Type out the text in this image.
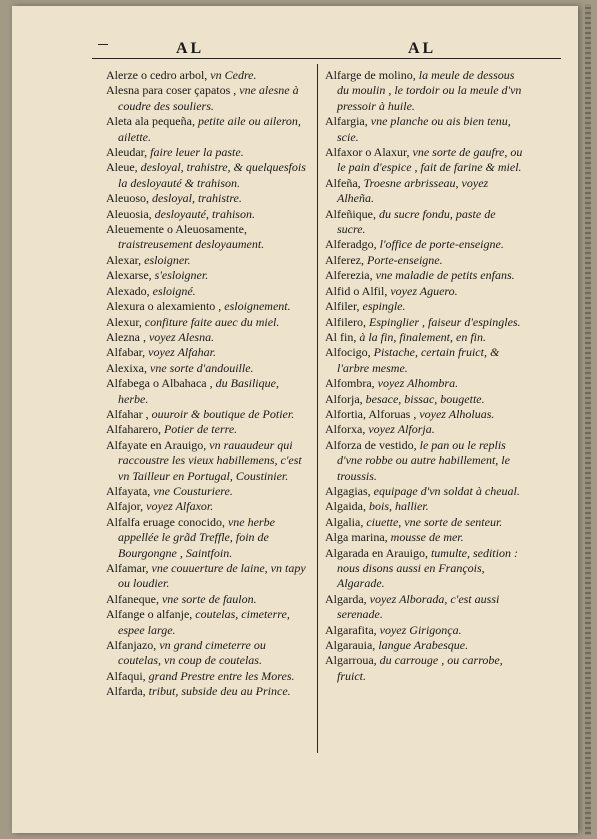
AL	AL

Alerze o cedro arbol, vn Cedre.

Alesna para coser çapatos , vne alesne à coudre des souliers.

Aleta ala pequeña, petite aile ou aileron, ailette.

Aleudar, faire leuer la paste.

Aleue, desloyal, trahistre, & quelquesfois la desloyauté & trahison.

Aleuoso, desloyal, trahistre.

Aleuosia, desloyauté, trahison.

Aleuemente o Aleuosamente, traistreusement desloyaument.

Alexar, esloigner.

Alexarse, s'esloigner.

Alexado, esloigné.

Alexura o alexamiento , esloignement.

Alexur, confiture faite auec du miel.

Alezna , voyez Alesna.

Alfabar, voyez Alfahar.

Alexixa, vne sorte d'andouille.

Alfabega o Albahaca , du Basilique, herbe.

Alfahar , ouuroir & boutique de Potier.

Alfaharero, Potier de terre.

Alfayate en Arauigo, vn rauaudeur qui raccoustre les vieux habillemens, c'est vn Tailleur en Portugal, Coustinier.

Alfayata, vne Cousturiere.

Alfajor, voyez Alfaxor.

Alfalfa eruage conocido, vne herbe appellée le grãd Treffle, foin de Bourgongne , Saintfoin.

Alfamar, vne couuerture de laine, vn tapy ou loudier.

Alfaneque, vne sorte de faulon.

Alfange o alfanje, coutelas, cimeterre, espee large.

Alfanjazo, vn grand cimeterre ou coutelas, vn coup de coutelas.

Alfaqui, grand Prestre entre les Mores.

Alfarda, tribut, subside deu au Prince.

Alfarge de molino, la meule de dessous du moulin , le tordoir ou la meule d'vn pressoir à huile.

Alfargia, vne planche ou ais bien tenu, scie.

Alfaxor o Alaxur, vne sorte de gaufre, ou le pain d'espice , fait de farine & miel.

Alfeña, Troesne arbrisseau, voyez Alheña.

Alfeñique, du sucre fondu, paste de sucre.

Alferadgo, l'office de porte-enseigne.

Alferez, Porte-enseigne.

Alferezia, vne maladie de petits enfans.

Alfid o Alfil, voyez Aguero.

Alfiler, espingle.

Alfilero, Espinglier , faiseur d'espingles.

Al fin, à la fin, finalement, en fin.

Alfocigo, Pistache, certain fruict, & l'arbre mesme.

Alfombra, voyez Alhombra.

Alforja, besace, bissac, bougette.

Alfortia, Alforuas , voyez Alholuas.

Alforxa, voyez Alforja.

Alforza de vestido, le pan ou le replis d'vne robbe ou autre habillement, le troussis.

Algagias, equipage d'vn soldat à cheual.

Algaida, bois, hallier.

Algalia, ciuette, vne sorte de senteur.

Alga marina, mousse de mer.

Algarada en Arauigo, tumulte, sedition : nous disons aussi en François, Algarade.

Algarda, voyez Alborada, c'est aussi serenade.

Algarafita, voyez Girigonça.

Algarauia, langue Arabesque.

Algarroua, du carrouge , ou carrobe, fruict.
